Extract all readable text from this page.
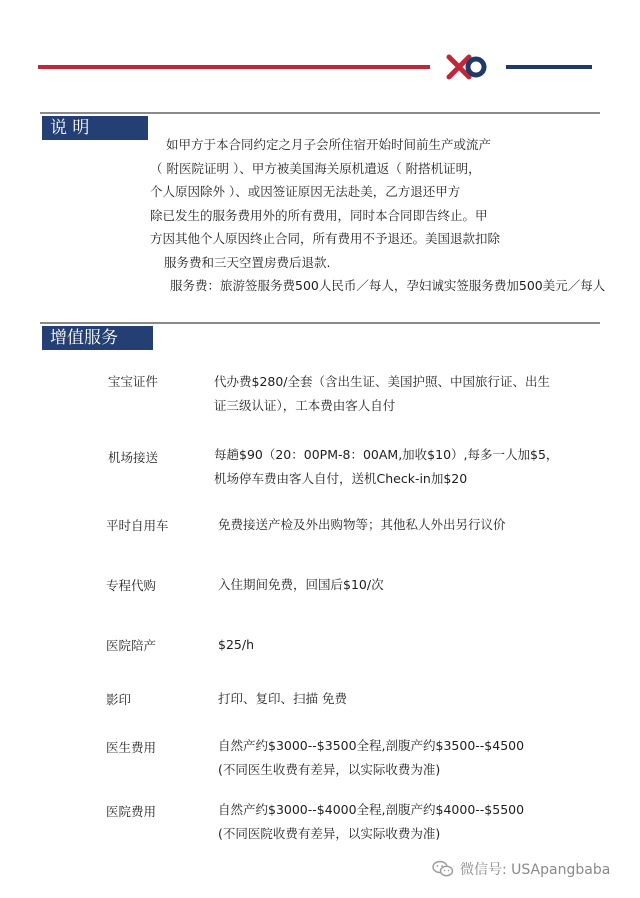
说 明
如甲方于本合同约定之月子会所住宿开始时间前生产或流产
（ 附医院证明 ）、甲方被美国海关原机遣返（ 附搭机证明，
个人原因除外 ）、或因签证原因无法赴美，乙方退还甲方
除已发生的服务费用外的所有费用，同时本合同即告终止。甲
方因其他个人原因终止合同，所有费用不予退还。美国退款扣除
服务费和三天空置房费后退款.
服务费：旅游签服务费500人民币／每人，孕妇诚实签服务费加500美元／每人
增值服务
宝宝证件	代办费$280/全套（含出生证、美国护照、中国旅行证、出生
证三级认证），工本费由客人自付
机场接送	每趟$90（20：00PM-8：00AM,加收$10）,每多一人加$5，
机场停车费由客人自付，送机Check-in加$20
平时自用车	免费接送产检及外出购物等；其他私人外出另行议价
专程代购	入住期间免费，回国后$10/次
医院陪产	$25/h
影印	打印、复印、扫描 免费
医生费用	自然产约$3000--$3500全程,剖腹产约$3500--$4500
(不同医生收费有差异，以实际收费为准)
医院费用	自然产约$3000--$4000全程,剖腹产约$4000--$5500
(不同医院收费有差异，以实际收费为准)
微信号: USApangbaba
